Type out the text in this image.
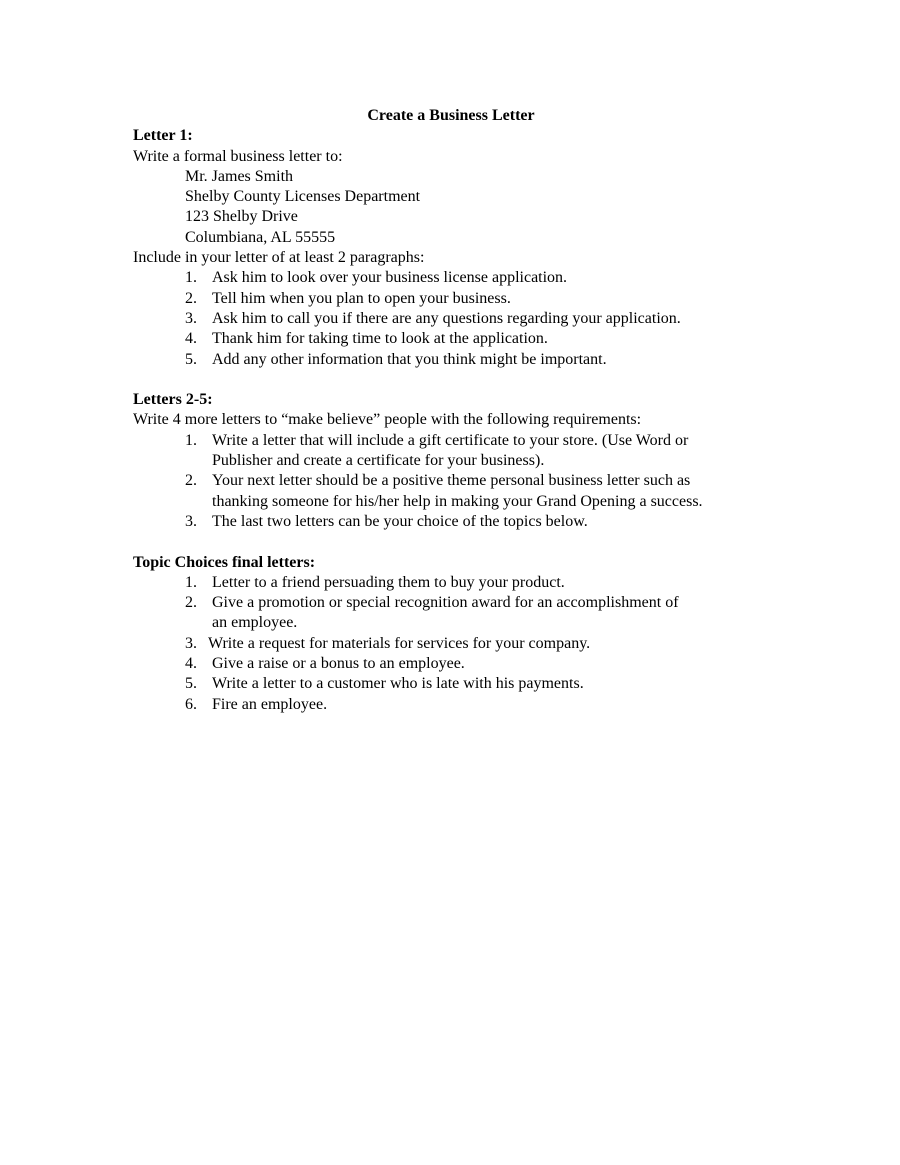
Create a Business Letter
Letter 1:
Write a formal business letter to:
Mr. James Smith
Shelby County Licenses Department
123 Shelby Drive
Columbiana, AL 55555
Include in your letter of at least 2 paragraphs:
1. Ask him to look over your business license application.
2. Tell him when you plan to open your business.
3. Ask him to call you if there are any questions regarding your application.
4. Thank him for taking time to look at the application.
5. Add any other information that you think might be important.
Letters 2-5:
Write 4 more letters to “make believe” people with the following requirements:
1. Write a letter that will include a gift certificate to your store. (Use Word or
Publisher and create a certificate for your business).
2. Your next letter should be a positive theme personal business letter such as
thanking someone for his/her help in making your Grand Opening a success.
3. The last two letters can be your choice of the topics below.
Topic Choices final letters:
1. Letter to a friend persuading them to buy your product.
2. Give a promotion or special recognition award for an accomplishment of
an employee.
3. Write a request for materials for services for your company.
4. Give a raise or a bonus to an employee.
5. Write a letter to a customer who is late with his payments.
6. Fire an employee.
